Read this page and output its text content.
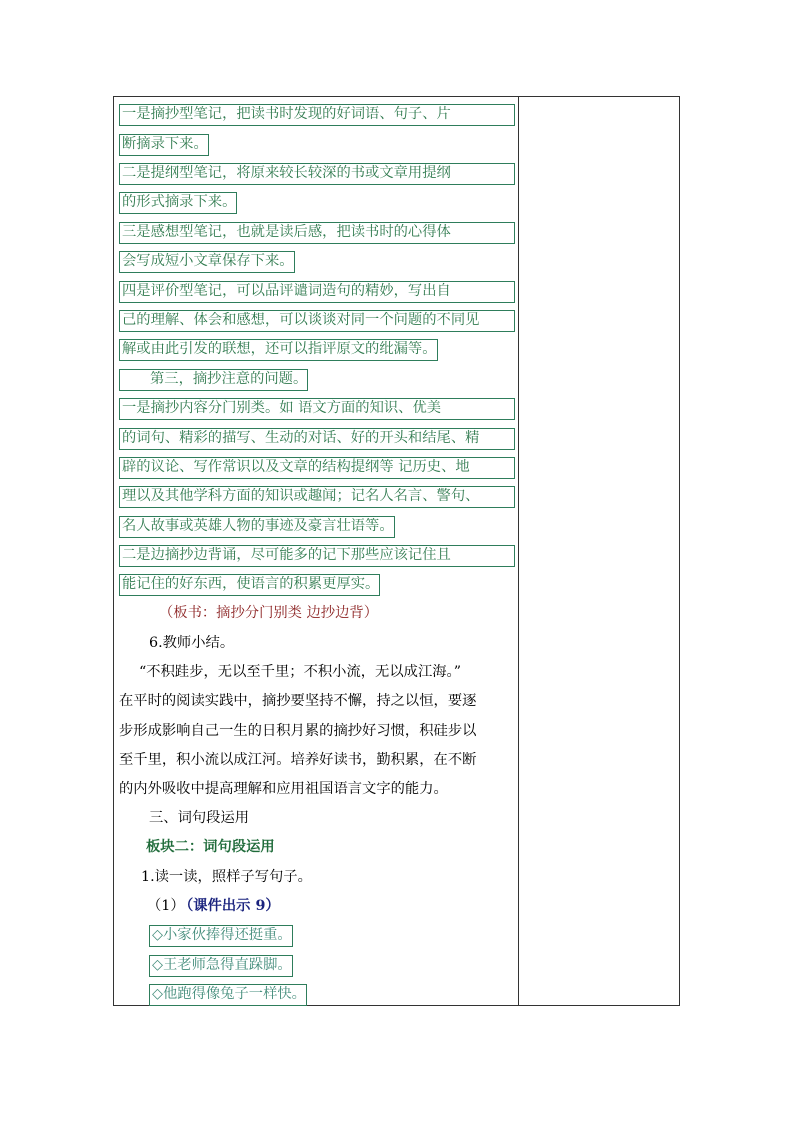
一是摘抄型笔记，把读书时发现的好词语、句子、片
断摘录下来。
二是提纲型笔记，将原来较长较深的书或文章用提纲
的形式摘录下来。
三是感想型笔记，也就是读后感，把读书时的心得体
会写成短小文章保存下来。
四是评价型笔记，可以品评谴词造句的精妙，写出自
己的理解、体会和感想，可以谈谈对同一个问题的不同见
解或由此引发的联想，还可以指评原文的纰漏等。
第三，摘抄注意的问题。
一是摘抄内容分门别类。如 语文方面的知识、优美
的词句、精彩的描写、生动的对话、好的开头和结尾、精
辟的议论、写作常识以及文章的结构提纲等 记历史、地
理以及其他学科方面的知识或趣闻；记名人名言、警句、
名人故事或英雄人物的事迹及豪言壮语等。
二是边摘抄边背诵，尽可能多的记下那些应该记住且
能记住的好东西，使语言的积累更厚实。
（板书：摘抄分门别类 边抄边背）
6.教师小结。
“不积跬步，无以至千里；不积小流，无以成江海。”
在平时的阅读实践中，摘抄要坚持不懈，持之以恒，要逐
步形成影响自己一生的日积月累的摘抄好习惯，积硅步以
至千里，积小流以成江河。培养好读书，勤积累，在不断
的内外吸收中提高理解和应用祖国语言文字的能力。
三、词句段运用
板块二：词句段运用
1.读一读，照样子写句子。
（1）
（课件出示 9）
◇小家伙捧得还挺重。
◇王老师急得直跺脚。
◇他跑得像兔子一样快。
